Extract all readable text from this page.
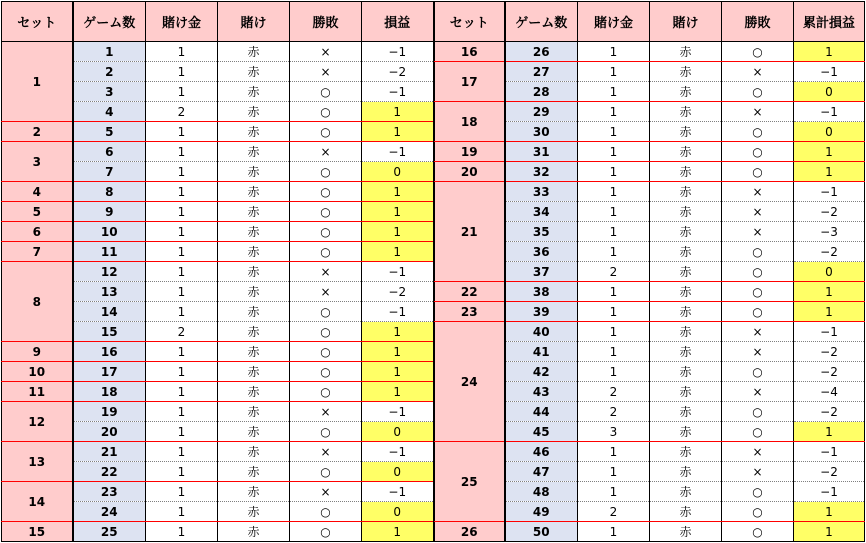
セット	ゲーム数	賭け金	賭け	勝敗	損益
1	1	1	赤	×	−1
	2	1	赤	×	−2
	3	1	赤	○	−1
	4	2	赤	○	1
2	5	1	赤	○	1
3	6	1	赤	×	−1
	7	1	赤	○	0
4	8	1	赤	○	1
5	9	1	赤	○	1
6	10	1	赤	○	1
7	11	1	赤	○	1
8	12	1	赤	×	−1
	13	1	赤	×	−2
	14	1	赤	○	−1
	15	2	赤	○	1
9	16	1	赤	○	1
10	17	1	赤	○	1
11	18	1	赤	○	1
12	19	1	赤	×	−1
	20	1	赤	○	0
13	21	1	赤	×	−1
	22	1	赤	○	0
14	23	1	赤	×	−1
	24	1	赤	○	0
15	25	1	赤	○	1
セット	ゲーム数	賭け金	賭け	勝敗	累計損益
16	26	1	赤	○	1
17	27	1	赤	×	−1
	28	1	赤	○	0
18	29	1	赤	×	−1
	30	1	赤	○	0
19	31	1	赤	○	1
20	32	1	赤	○	1
21	33	1	赤	×	−1
	34	1	赤	×	−2
	35	1	赤	×	−3
	36	1	赤	○	−2
	37	2	赤	○	0
22	38	1	赤	○	1
23	39	1	赤	○	1
24	40	1	赤	×	−1
	41	1	赤	×	−2
	42	1	赤	○	−2
	43	2	赤	×	−4
	44	2	赤	○	−2
	45	3	赤	○	1
25	46	1	赤	×	−1
	47	1	赤	×	−2
	48	1	赤	○	−1
	49	2	赤	○	1
26	50	1	赤	○	1
